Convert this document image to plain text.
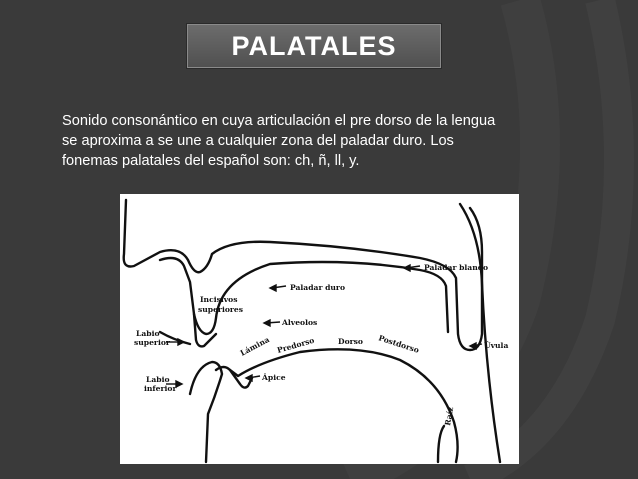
PALATALES
Sonido consonántico en cuya articulación el pre dorso de la lengua
se aproxima a se une a cualquier zona del paladar duro. Los
fonemas palatales del español son: ch, ñ, ll, y.
Paladar blando
Paladar duro
Incisivos
superiores
Alveolos
Labio
superior	Lámina Predorso	Dorso Postdorso	Úvula
Labio
inferior
Ápice
Raíz
